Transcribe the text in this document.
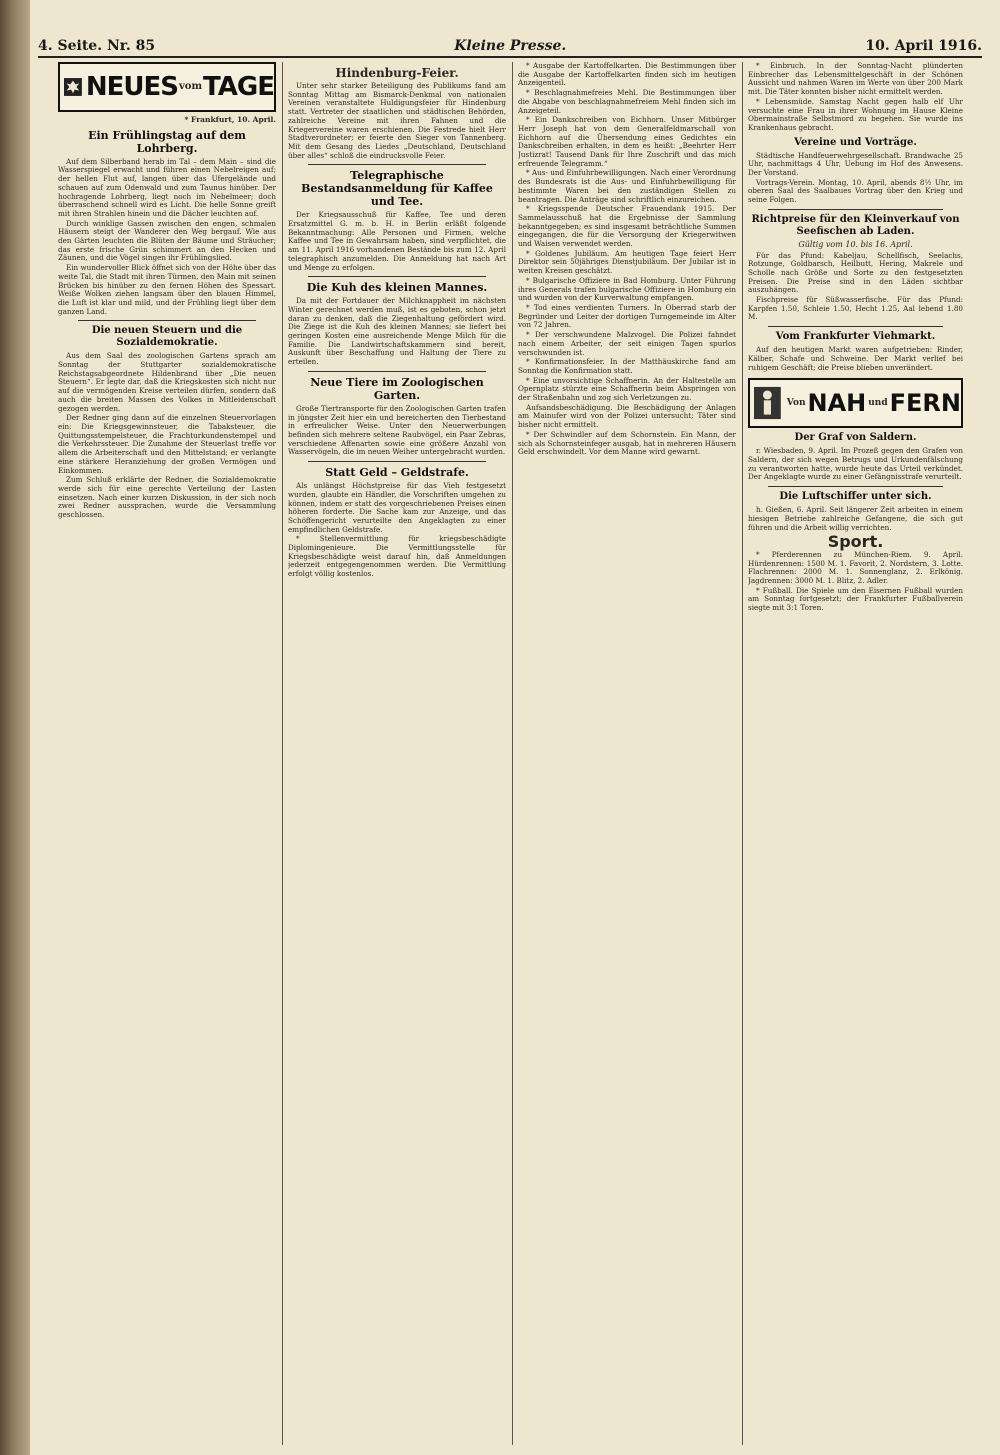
4. Seite. Nr. 85	Kleine Presse.	10. April 1916.
NEUES vom TAGE
* Frankfurt, 10. April.
Ein Frühlingstag auf dem Lohrberg.

Auf dem Silberband herab im Tal – dem Main – sind die Wasserspiegel erwacht und führen einen Nebelreigen auf; der hellen Flut auf, langen über das Ufergelände und schauen auf zum Odenwald und zum Taunus hinüber. Der hochragende Lohrberg, liegt noch im Nebelmeer; doch überraschend schnell wird es Licht. Die helle Sonne greift mit ihren Strahlen hinein und die Dächer leuchten auf.

Durch winklige Gassen zwischen den engen, schmalen Häusern steigt der Wanderer den Weg bergauf. Wie aus den Gärten leuchten die Blüten der Bäume und Sträucher; das erste frische Grün schimmert an den Hecken und Zäunen, und die Vögel singen ihr Frühlingslied.

Ein wundervoller Blick öffnet sich von der Höhe über das weite Tal, die Stadt mit ihren Türmen, den Main mit seinen Brücken bis hinüber zu den fernen Höhen des Spessart. Weiße Wolken ziehen langsam über den blauen Himmel, die Luft ist klar und mild, und der Frühling liegt über dem ganzen Land.

Die neuen Steuern und die Sozialdemokratie.

Aus dem Saal des zoologischen Gartens sprach am Sonntag der Stuttgarter sozialdemokratische Reichstagsabgeordnete Hildenbrand über „Die neuen Steuern“. Er legte dar, daß die Kriegskosten sich nicht nur auf die vermögenden Kreise verteilen dürfen, sondern daß auch die breiten Massen des Volkes in Mitleidenschaft gezogen werden.

Der Redner ging dann auf die einzelnen Steuervorlagen ein: Die Kriegsgewinnsteuer, die Tabaksteuer, die Quittungsstempelsteuer, die Frachturkundenstempel und die Verkehrssteuer. Die Zunahme der Steuerlast treffe vor allem die Arbeiterschaft und den Mittelstand; er verlangte eine stärkere Heranziehung der großen Vermögen und Einkommen.

Zum Schluß erklärte der Redner, die Sozialdemokratie werde sich für eine gerechte Verteilung der Lasten einsetzen. Nach einer kurzen Diskussion, in der sich noch zwei Redner aussprachen, wurde die Versammlung geschlossen.

Hindenburg-Feier.

Unter sehr starker Beteiligung des Publikums fand am Sonntag Mittag am Bismarck-Denkmal von nationalen Vereinen veranstaltete Huldigungsfeier für Hindenburg statt. Vertreter der staatlichen und städtischen Behörden, zahlreiche Vereine mit ihren Fahnen und die Kriegervereine waren erschienen. Die Festrede hielt Herr Stadtverordneter; er feierte den Sieger von Tannenberg. Mit dem Gesang des Liedes „Deutschland, Deutschland über alles“ schloß die eindrucksvolle Feier.

Telegraphische Bestandsanmeldung für Kaffee und Tee.

Der Kriegsausschuß für Kaffee, Tee und deren Ersatzmittel G. m. b. H. in Berlin erläßt folgende Bekanntmachung: Alle Personen und Firmen, welche Kaffee und Tee in Gewahrsam haben, sind verpflichtet, die am 11. April 1916 vorhandenen Bestände bis zum 12. April telegraphisch anzumelden. Die Anmeldung hat nach Art und Menge zu erfolgen.

Die Kuh des kleinen Mannes.

Da mit der Fortdauer der Milchknappheit im nächsten Winter gerechnet werden muß, ist es geboten, schon jetzt daran zu denken, daß die Ziegenhaltung gefördert wird. Die Ziege ist die Kuh des kleinen Mannes; sie liefert bei geringen Kosten eine ausreichende Menge Milch für die Familie. Die Landwirtschaftskammern sind bereit, Auskunft über Beschaffung und Haltung der Tiere zu erteilen.

Neue Tiere im Zoologischen Garten.

Große Tiertransporte für den Zoologischen Garten trafen in jüngster Zeit hier ein und bereicherten den Tierbestand in erfreulicher Weise. Unter den Neuerwerbungen befinden sich mehrere seltene Raubvögel, ein Paar Zebras, verschiedene Affenarten sowie eine größere Anzahl von Wasservögeln, die im neuen Weiher untergebracht wurden.

Statt Geld – Geldstrafe.

Als unlängst Höchstpreise für das Vieh festgesetzt wurden, glaubte ein Händler, die Vorschriften umgehen zu können, indem er statt des vorgeschriebenen Preises einen höheren forderte. Die Sache kam zur Anzeige, und das Schöffengericht verurteilte den Angeklagten zu einer empfindlichen Geldstrafe.

* Stellenvermittlung für kriegsbeschädigte Diplomingenieure. Die Vermittlungsstelle für Kriegsbeschädigte weist darauf hin, daß Anmeldungen jederzeit entgegengenommen werden. Die Vermittlung erfolgt völlig kostenlos.

* Ausgabe der Kartoffelkarten. Die Bestimmungen über die Ausgabe der Kartoffelkarten finden sich im heutigen Anzeigenteil.

* Beschlagnahmefreies Mehl. Die Bestimmungen über die Abgabe von beschlagnahmefreiem Mehl finden sich im Anzeigeteil.

* Ein Dankschreiben von Eichhorn. Unser Mitbürger Herr Joseph hat von dem Generalfeldmarschall von Eichhorn auf die Übersendung eines Gedichtes ein Dankschreiben erhalten, in dem es heißt: „Beehrter Herr Justizrat! Tausend Dank für Ihre Zuschrift und das mich erfreuende Telegramm.“

* Aus- und Einfuhrbewilligungen. Nach einer Verordnung des Bundesrats ist die Aus- und Einfuhrbewilligung für bestimmte Waren bei den zuständigen Stellen zu beantragen. Die Anträge sind schriftlich einzureichen.

* Kriegsspende Deutscher Frauendank 1915. Der Sammelausschuß hat die Ergebnisse der Sammlung bekanntgegeben; es sind insgesamt beträchtliche Summen eingegangen, die für die Versorgung der Kriegerwitwen und Waisen verwendet werden.

* Goldenes Jubiläum. Am heutigen Tage feiert Herr Direktor sein 50jähriges Dienstjubiläum. Der Jubilar ist in weiten Kreisen geschätzt.

* Bulgarische Offiziere in Bad Homburg. Unter Führung ihres Generals trafen bulgarische Offiziere in Homburg ein und wurden von der Kurverwaltung empfangen.

* Tod eines verdienten Turners. In Oberrad starb der Begründer und Leiter der dortigen Turngemeinde im Alter von 72 Jahren.

* Der verschwundene Malzvogel. Die Polizei fahndet nach einem Arbeiter, der seit einigen Tagen spurlos verschwunden ist.

* Konfirmationsfeier. In der Matthäuskirche fand am Sonntag die Konfirmation statt.

* Eine unvorsichtige Schaffnerin. An der Haltestelle am Opernplatz stürzte eine Schaffnerin beim Abspringen von der Straßenbahn und zog sich Verletzungen zu.

Aufsandsbeschädigung. Die Beschädigung der Anlagen am Mainufer wird von der Polizei untersucht; Täter sind bisher nicht ermittelt.

* Der Schwindler auf dem Schornstein. Ein Mann, der sich als Schornsteinfeger ausgab, hat in mehreren Häusern Geld erschwindelt. Vor dem Manne wird gewarnt.

* Einbruch. In der Sonntag-Nacht plünderten Einbrecher das Lebensmittelgeschäft in der Schönen Aussicht und nahmen Waren im Werte von über 200 Mark mit. Die Täter konnten bisher nicht ermittelt werden.

* Lebensmüde. Samstag Nacht gegen halb elf Uhr versuchte eine Frau in ihrer Wohnung im Hause Kleine Obermainstraße Selbstmord zu begehen. Sie wurde ins Krankenhaus gebracht.

Vereine und Vorträge.

Städtische Handfeuerwehrgesellschaft. Brandwache 25 Uhr, nachmittags 4 Uhr, Uebung im Hof des Anwesens. Der Vorstand.

Vortrags-Verein. Montag, 10. April, abends 8½ Uhr, im oberen Saal des Saalbaues Vortrag über den Krieg und seine Folgen.

Richtpreise für den Kleinverkauf von Seefischen ab Laden.
Gültig vom 10. bis 16. April.

Für das Pfund: Kabeljau, Schellfisch, Seelachs, Rotzunge, Goldbarsch, Heilbutt, Hering, Makrele und Scholle nach Größe und Sorte zu den festgesetzten Preisen. Die Preise sind in den Läden sichtbar auszuhängen.

Fischpreise für Süßwasserfische. Für das Pfund: Karpfen 1.50, Schleie 1.50, Hecht 1.25, Aal lebend 1.80 M.

Vom Frankfurter Viehmarkt.

Auf den heutigen Markt waren aufgetrieben: Rinder, Kälber, Schafe und Schweine. Der Markt verlief bei ruhigem Geschäft; die Preise blieben unverändert.

Von NAH und FERN
Der Graf von Saldern.

r. Wiesbaden, 9. April. Im Prozeß gegen den Grafen von Saldern, der sich wegen Betrugs und Urkundenfälschung zu verantworten hatte, wurde heute das Urteil verkündet. Der Angeklagte wurde zu einer Gefängnisstrafe verurteilt.

Die Luftschiffer unter sich.

h. Gießen, 6. April. Seit längerer Zeit arbeiten in einem hiesigen Betriebe zahlreiche Gefangene, die sich gut führen und die Arbeit willig verrichten.

Sport.

* Pferderennen zu München-Riem. 9. April. Hürdenrennen: 1500 M. 1. Favorit, 2. Nordstern, 3. Lotte. Flachrennen: 2000 M. 1. Sonnenglanz, 2. Erlkönig. Jagdrennen: 3000 M. 1. Blitz, 2. Adler.

* Fußball. Die Spiele um den Eisernen Fußball wurden am Sonntag fortgesetzt; der Frankfurter Fußballverein siegte mit 3:1 Toren.
